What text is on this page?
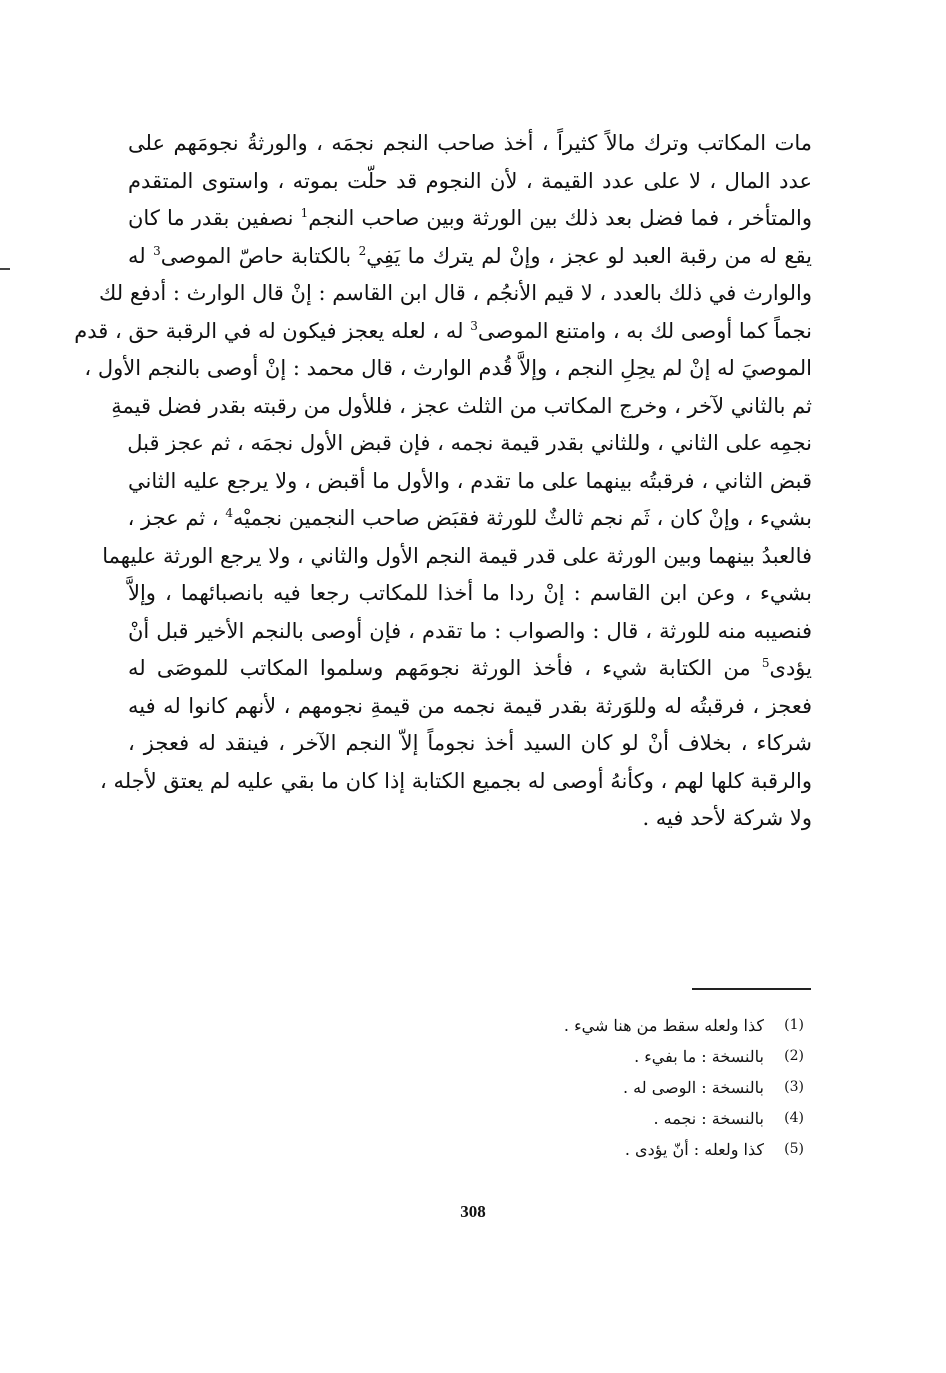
مات المكاتب وترك مالاً كثيراً ، أخذ صاحب النجم نجمَه ، والورثةُ نجومَهم على
عدد المال ، لا على عدد القيمة ، لأن النجوم قد حلّت بموته ، واستوى المتقدم
والمتأخر ، فما فضل بعد ذلك بين الورثة وبين صاحب النجم$^1$ نصفين بقدر ما كان
يقع له من رقبة العبد لو عجز ، وإنْ لم يترك ما يَفِي$^2$ بالكتابة حاصّ الموصى$^3$ له
والوارث في ذلك بالعدد ، لا قيم الأنجُم ، قال ابن القاسم : إنْ قال الوارث : أدفع لك
نجماً كما أوصى لك به ، وامتنع الموصى$^3$ له ، لعله يعجز فيكون له في الرقبة حق ، قدم
الموصيَ له إنْ لم يحِلِ النجم ، وإلاَّ قُدم الوارث ، قال محمد : إنْ أوصى بالنجم الأول ،
ثم بالثاني لآخر ، وخرج المكاتب من الثلث عجز ، فللأول من رقبته بقدر فضل قيمةِ
نجمِه على الثاني ، وللثاني بقدر قيمة نجمه ، فإن قبض الأول نجمَه ، ثم عجز قبل
قبض الثاني ، فرقبتُه بينهما على ما تقدم ، والأول ما أقبض ، ولا يرجع عليه الثاني
بشيء ، وإنْ كان ، ثَم نجم ثالثٌ للورثة فقبَض صاحب النجمين نجميْه$^4$ ، ثم عجز ،
فالعبدُ بينهما وبين الورثة على قدر قيمة النجم الأول والثاني ، ولا يرجع الورثة عليهما
بشيء ، وعن ابن القاسم : إنْ ردا ما أخذا للمكاتب رجعا فيه بانصبائهما ، وإلاَّ
فنصيبه منه للورثة ، قال : والصواب : ما تقدم ، فإن أوصى بالنجم الأخير قبل أنْ
يؤدى$^5$ من الكتابة شيء ، فأخذ الورثة نجومَهم وسلموا المكاتب للموصَى له
فعجز ، فرقبتُه له وللوَرثة بقدر قيمة نجمه من قيمةِ نجومهم ، لأنهم كانوا له فيه
شركاء ، بخلاف أنْ لو كان السيد أخذ نجوماً إلاّ النجم الآخر ، فينقد له فعجز ،
والرقبة كلها لهم ، وكأنهُ أوصى له بجميع الكتابة إذا كان ما بقي عليه لم يعتق لأجله ،
ولا شركة لأحد فيه .
(1)
كذا ولعله سقط من هنا شيء .
(2)
بالنسخة : ما بفيء .
(3)
بالنسخة : الوصى له .
(4)
بالنسخة : نجمه .
(5)
كذا ولعله : أنّ يؤدى .
308
